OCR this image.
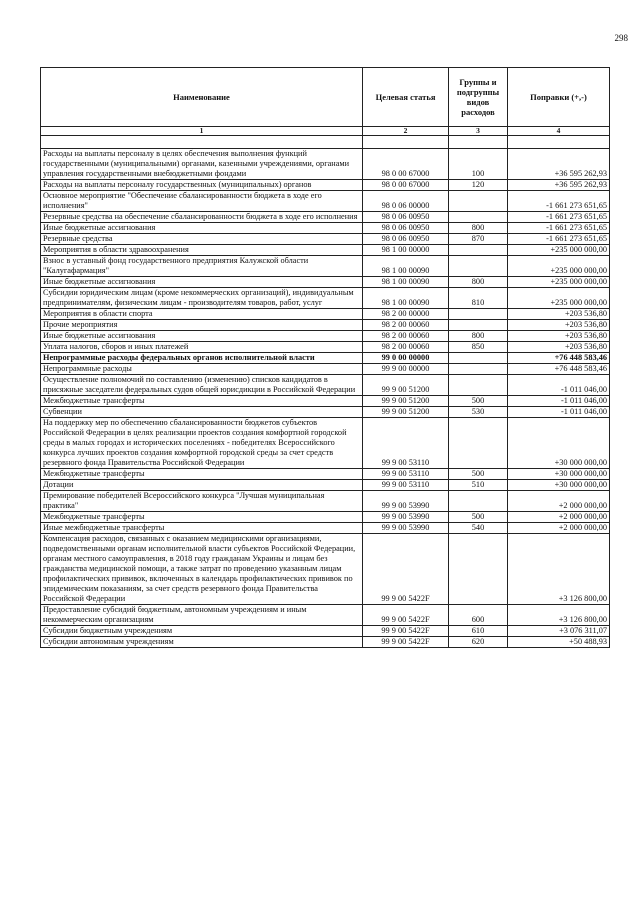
298
Наименование	Целевая статья	Группы и подгруппы видов расходов	Поправки (+,-)
1	2	3	4

Расходы на выплаты персоналу в целях обеспечения выполнения функций государственными (муниципальными) органами, казенными учреждениями, органами управления государственными внебюджетными фондами	98 0 00 67000	100	+36 595 262,93
Расходы на выплаты персоналу государственных (муниципальных) органов	98 0 00 67000	120	+36 595 262,93
Основное мероприятие "Обеспечение сбалансированности бюджета в ходе его исполнения"	98 0 06 00000		-1 661 273 651,65
Резервные средства на обеспечение сбалансированности бюджета в ходе его исполнения	98 0 06 00950		-1 661 273 651,65
Иные бюджетные ассигнования	98 0 06 00950	800	-1 661 273 651,65
Резервные средства	98 0 06 00950	870	-1 661 273 651,65
Мероприятия в области здравоохранения	98 1 00 00000		+235 000 000,00
Взнос в уставный фонд государственного предприятия Калужской области "Калугафармация"	98 1 00 00090		+235 000 000,00
Иные бюджетные ассигнования	98 1 00 00090	800	+235 000 000,00
Субсидии юридическим лицам (кроме некоммерческих организаций), индивидуальным предпринимателям, физическим лицам - производителям товаров, работ, услуг	98 1 00 00090	810	+235 000 000,00
Мероприятия в области спорта	98 2 00 00000		+203 536,80
Прочие мероприятия	98 2 00 00060		+203 536,80
Иные бюджетные ассигнования	98 2 00 00060	800	+203 536,80
Уплата налогов, сборов и иных платежей	98 2 00 00060	850	+203 536,80
Непрограммные расходы федеральных органов исполнительной власти	99 0 00 00000		+76 448 583,46
Непрограммные расходы	99 9 00 00000		+76 448 583,46
Осуществление полномочий по составлению (изменению) списков кандидатов в присяжные заседатели федеральных судов общей юрисдикции в Российской Федерации	99 9 00 51200		-1 011 046,00
Межбюджетные трансферты	99 9 00 51200	500	-1 011 046,00
Субвенции	99 9 00 51200	530	-1 011 046,00
На поддержку мер по обеспечению сбалансированности бюджетов субъектов Российской Федерации в целях реализации проектов создания комфортной городской среды в малых городах и исторических поселениях - победителях Всероссийского конкурса лучших проектов создания комфортной городской среды за счет средств резервного фонда Правительства Российской Федерации	99 9 00 53110		+30 000 000,00
Межбюджетные трансферты	99 9 00 53110	500	+30 000 000,00
Дотации	99 9 00 53110	510	+30 000 000,00
Премирование победителей Всероссийского конкурса "Лучшая муниципальная практика"	99 9 00 53990		+2 000 000,00
Межбюджетные трансферты	99 9 00 53990	500	+2 000 000,00
Иные межбюджетные трансферты	99 9 00 53990	540	+2 000 000,00
Компенсация расходов, связанных с оказанием медицинскими организациями, подведомственными органам исполнительной власти субъектов Российской Федерации, органам местного самоуправления, в 2018 году гражданам Украины и лицам без гражданства медицинской помощи, а также затрат по проведению указанным лицам профилактических прививок, включенных в календарь профилактических прививок по эпидемическим показаниям, за счет средств резервного фонда Правительства Российской Федерации	99 9 00 5422F		+3 126 800,00
Предоставление субсидий бюджетным, автономным учреждениям и иным некоммерческим организациям	99 9 00 5422F	600	+3 126 800,00
Субсидии бюджетным учреждениям	99 9 00 5422F	610	+3 076 311,07
Субсидии автономным учреждениям	99 9 00 5422F	620	+50 488,93
